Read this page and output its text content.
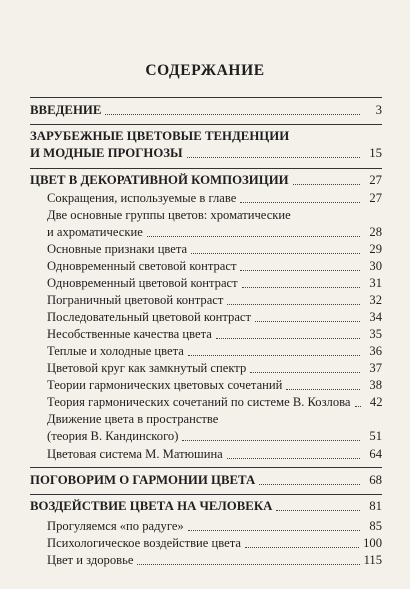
СОДЕРЖАНИЕ
ВВЕДЕНИЕ	3
ЗАРУБЕЖНЫЕ ЦВЕТОВЫЕ ТЕНДЕНЦИИ
И МОДНЫЕ ПРОГНОЗЫ	15
ЦВЕТ В ДЕКОРАТИВНОЙ КОМПОЗИЦИИ	27
Сокращения, используемые в главе	27
Две основные группы цветов: хроматические
и ахроматические	28
Основные признаки цвета	29
Одновременный световой контраст	30
Одновременный цветовой контраст	31
Пограничный цветовой контраст	32
Последовательный цветовой контраст	34
Несобственные качества цвета	35
Теплые и холодные цвета	36
Цветовой круг как замкнутый спектр	37
Теории гармонических цветовых сочетаний	38
Теория гармонических сочетаний по системе В. Козлова	42
Движение цвета в пространстве
(теория В. Кандинского)	51
Цветовая система М. Матюшина	64
ПОГОВОРИМ О ГАРМОНИИ ЦВЕТА	68
ВОЗДЕЙСТВИЕ ЦВЕТА НА ЧЕЛОВЕКА	81
Прогуляемся «по радуге»	85
Психологическое воздействие цвета	100
Цвет и здоровье	115
